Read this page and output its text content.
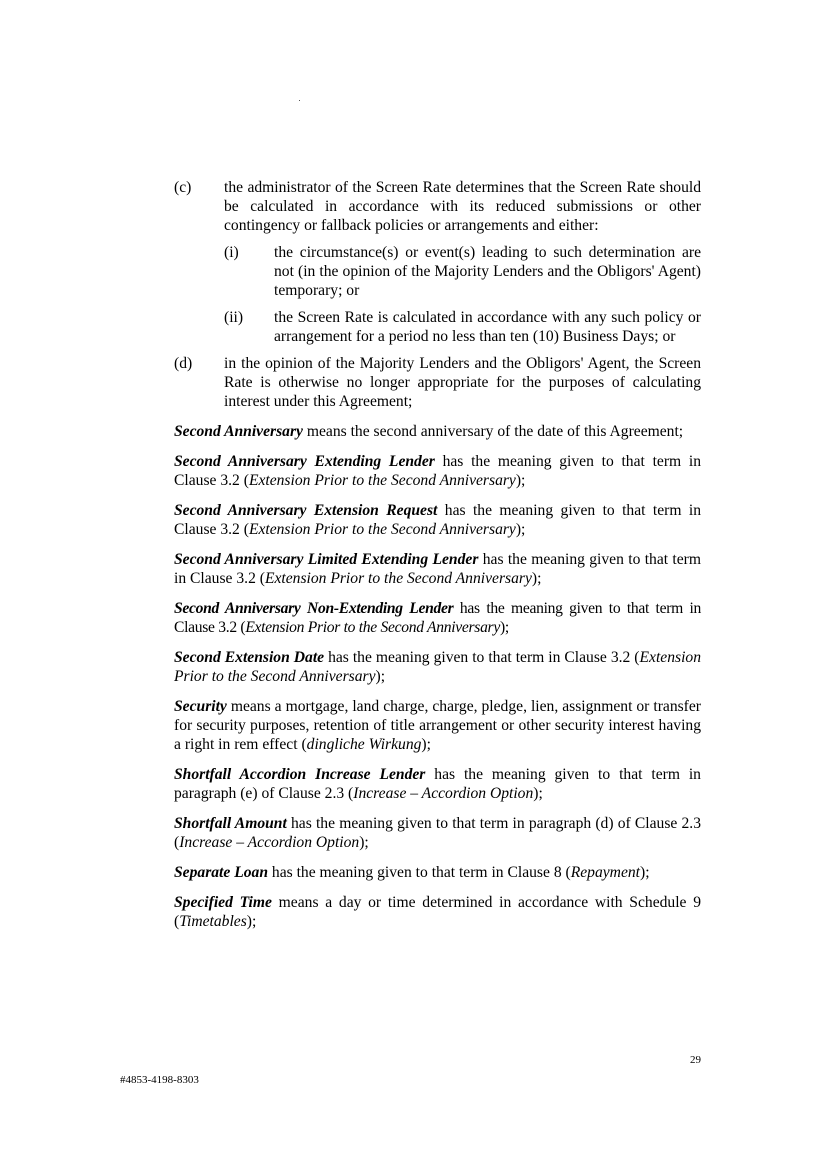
(c) the administrator of the Screen Rate determines that the Screen Rate should be calculated in accordance with its reduced submissions or other contingency or fallback policies or arrangements and either:
(i) the circumstance(s) or event(s) leading to such determination are not (in the opinion of the Majority Lenders and the Obligors' Agent) temporary; or
(ii) the Screen Rate is calculated in accordance with any such policy or arrangement for a period no less than ten (10) Business Days; or
(d) in the opinion of the Majority Lenders and the Obligors' Agent, the Screen Rate is otherwise no longer appropriate for the purposes of calculating interest under this Agreement;

Second Anniversary means the second anniversary of the date of this Agreement;

Second Anniversary Extending Lender has the meaning given to that term in Clause 3.2 (Extension Prior to the Second Anniversary);

Second Anniversary Extension Request has the meaning given to that term in Clause 3.2 (Extension Prior to the Second Anniversary);

Second Anniversary Limited Extending Lender has the meaning given to that term in Clause 3.2 (Extension Prior to the Second Anniversary);

Second Anniversary Non-Extending Lender has the meaning given to that term in Clause 3.2 (Extension Prior to the Second Anniversary);

Second Extension Date has the meaning given to that term in Clause 3.2 (Extension Prior to the Second Anniversary);

Security means a mortgage, land charge, charge, pledge, lien, assignment or transfer for security purposes, retention of title arrangement or other security interest having a right in rem effect (dingliche Wirkung);

Shortfall Accordion Increase Lender has the meaning given to that term in paragraph (e) of Clause 2.3 (Increase – Accordion Option);

Shortfall Amount has the meaning given to that term in paragraph (d) of Clause 2.3 (Increase – Accordion Option);

Separate Loan has the meaning given to that term in Clause 8 (Repayment);

Specified Time means a day or time determined in accordance with Schedule 9 (Timetables);

29
#4853-4198-8303
